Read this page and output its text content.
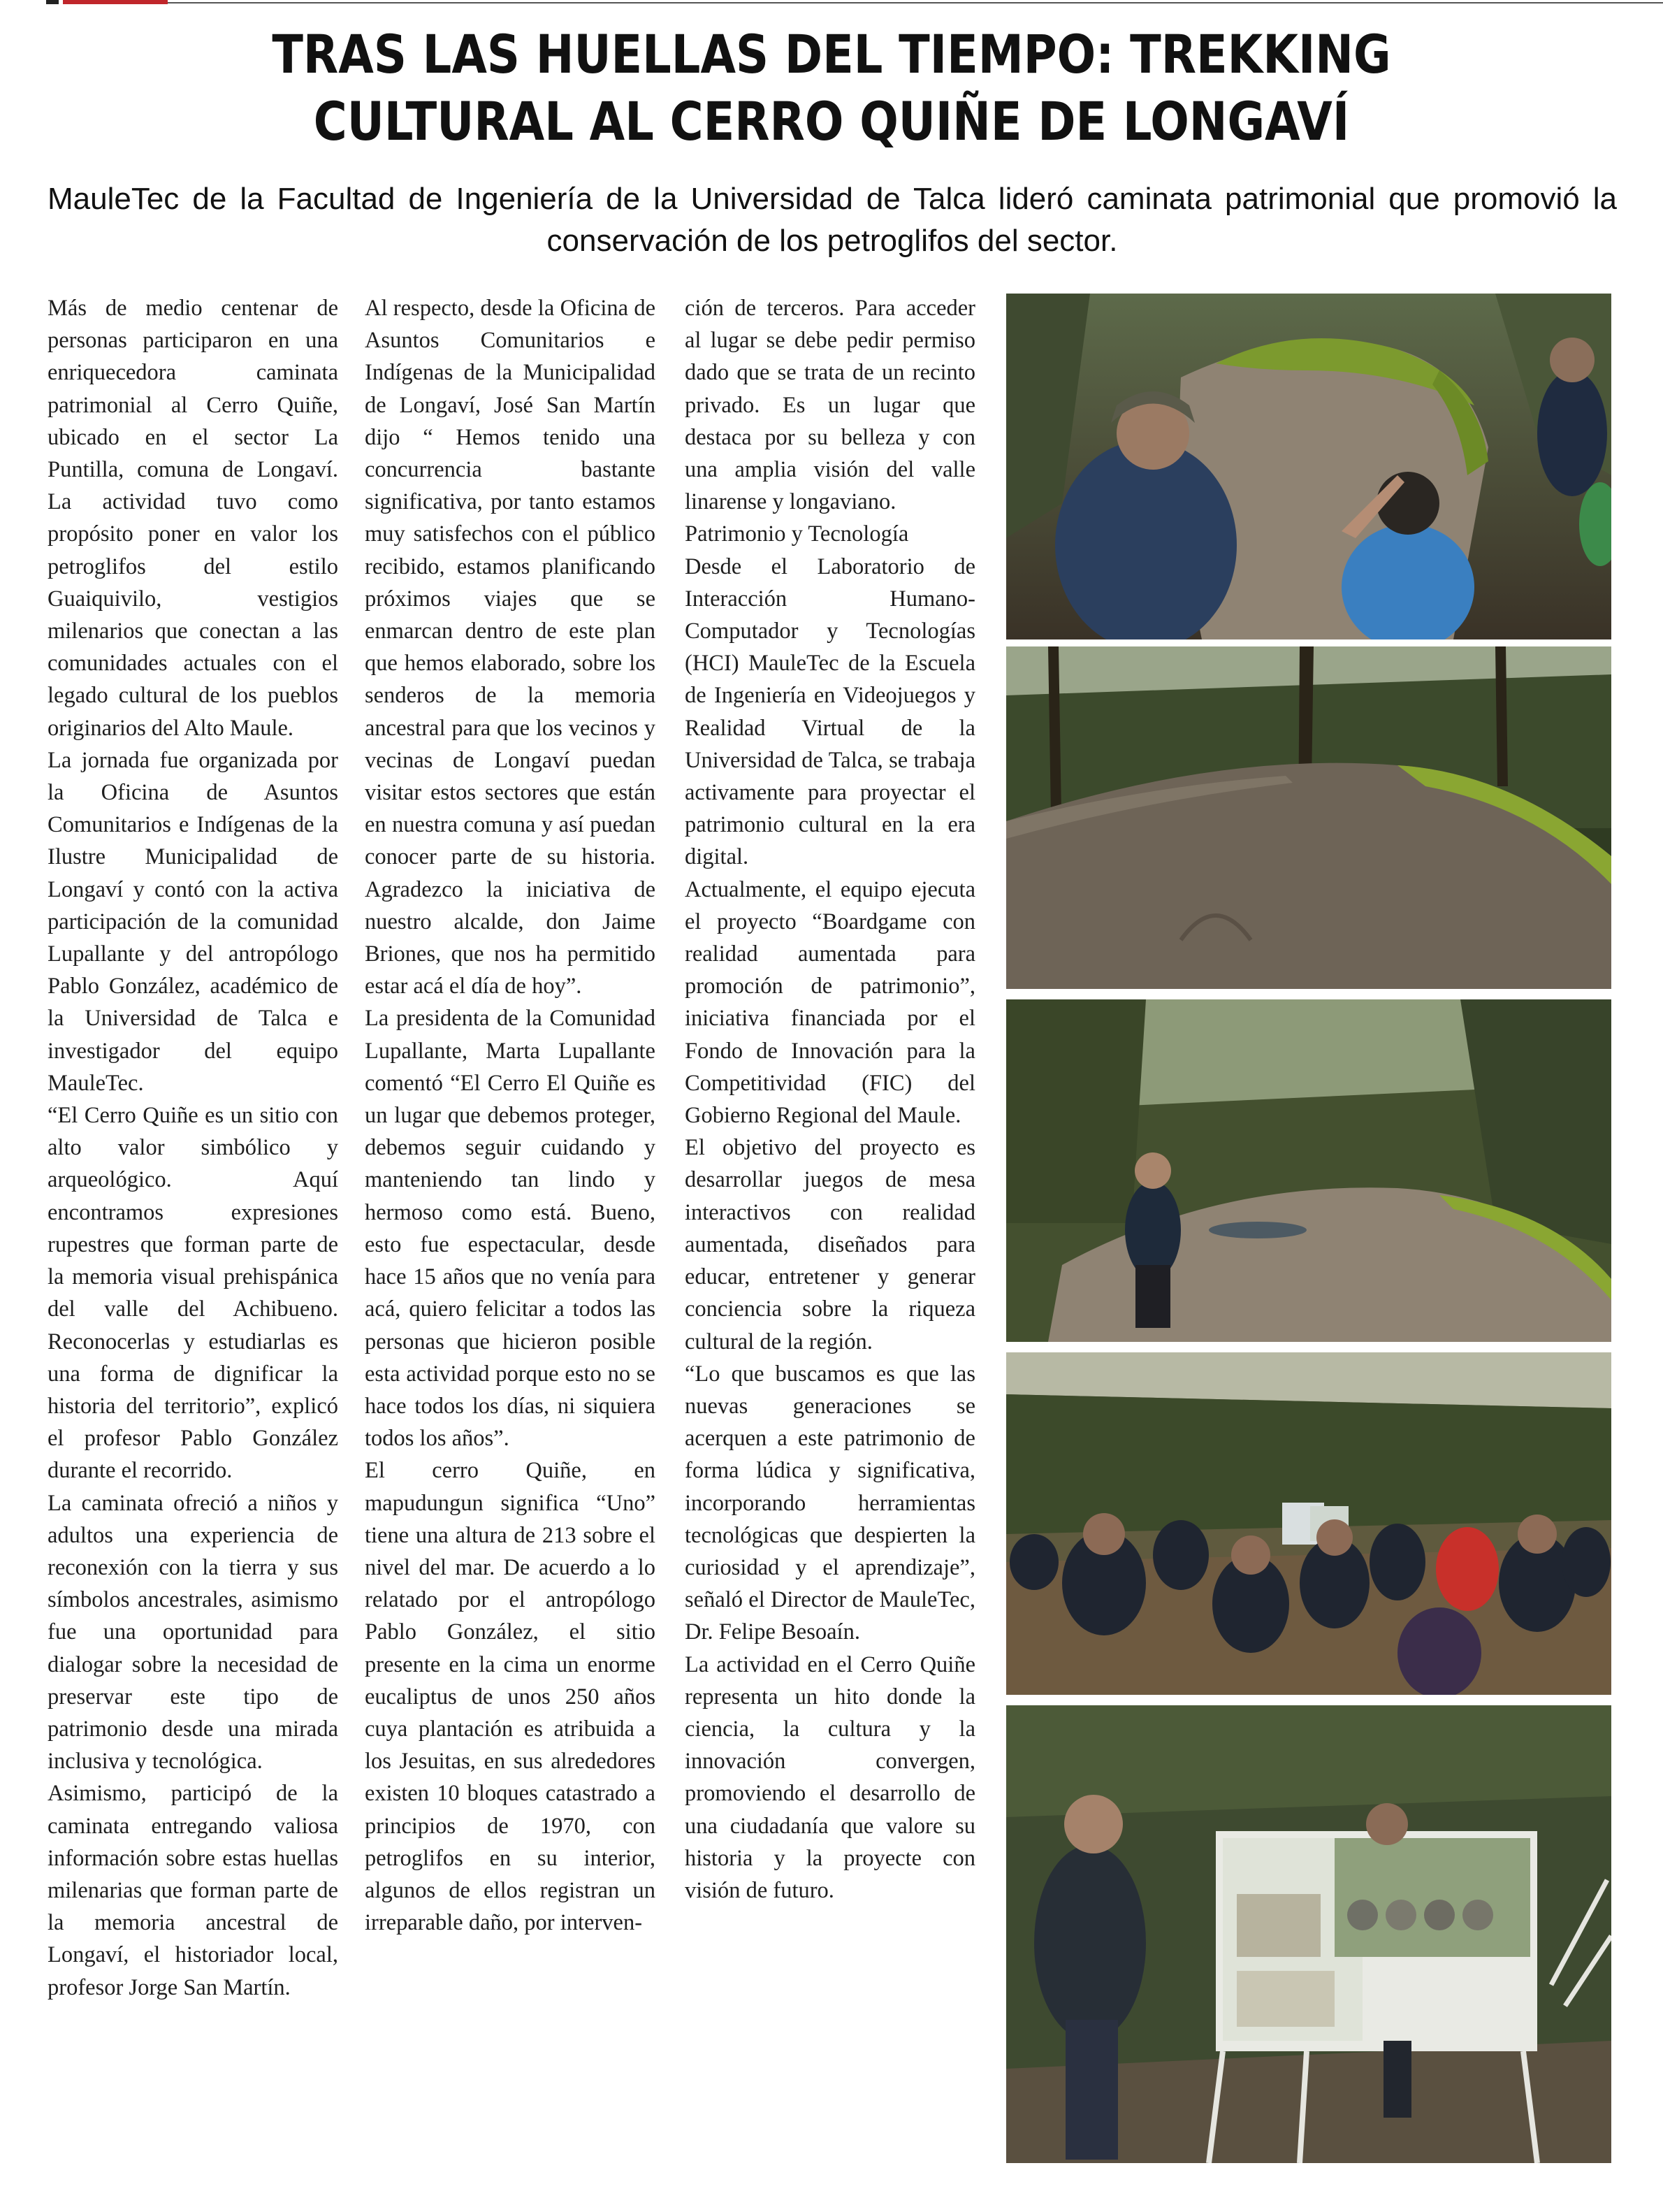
TRAS LAS HUELLAS DEL TIEMPO: TREKKING CULTURAL AL CERRO QUIÑE DE LONGAVÍ

MauleTec de la Facultad de Ingeniería de la Universidad de Talca lideró caminata patrimonial que promovió la conservación de los petroglifos del sector.

Más de medio centenar de personas participaron en una enriquecedora caminata patrimonial al Cerro Quiñe, ubicado en el sector La Puntilla, comuna de Longaví. La actividad tuvo como propósito poner en valor los petroglifos del estilo Guaiquivilo, vestigios milenarios que conectan a las comunidades actuales con el legado cultural de los pueblos originarios del Alto Maule.

La jornada fue organizada por la Oficina de Asuntos Comunitarios e Indígenas de la Ilustre Municipalidad de Longaví y contó con la activa participación de la comunidad Lupallante y del antropólogo Pablo González, académico de la Universidad de Talca e investigador del equipo MauleTec.

“El Cerro Quiñe es un sitio con alto valor simbólico y arqueológico. Aquí encontramos expresiones rupestres que forman parte de la memoria visual prehispánica del valle del Achibueno. Reconocerlas y estudiarlas es una forma de dignificar la historia del territorio”, explicó el profesor Pablo González durante el recorrido.

La caminata ofreció a niños y adultos una experiencia de reconexión con la tierra y sus símbolos ancestrales, asimismo fue una oportunidad para dialogar sobre la necesidad de preservar este tipo de patrimonio desde una mirada inclusiva y tecnológica.

Asimismo, participó de la caminata entregando valiosa información sobre estas huellas milenarias que forman parte de la memoria ancestral de Longaví, el historiador local, profesor Jorge San Martín.

Al respecto, desde la Oficina de Asuntos Comunitarios e Indígenas de la Municipalidad de Longaví, José San Martín dijo “ Hemos tenido una concurrencia bastante significativa, por tanto estamos muy satisfechos con el público recibido, estamos planificando próximos viajes que se enmarcan dentro de este plan que hemos elaborado, sobre los senderos de la memoria ancestral para que los vecinos y vecinas de Longaví puedan visitar estos sectores que están en nuestra comuna y así puedan conocer parte de su historia. Agradezco la iniciativa de nuestro alcalde, don Jaime Briones, que nos ha permitido estar acá el día de hoy”.

La presidenta de la Comunidad Lupallante, Marta Lupallante comentó “El Cerro El Quiñe es un lugar que debemos proteger, debemos seguir cuidando y manteniendo tan lindo y hermoso como está. Bueno, esto fue espectacular, desde hace 15 años que no venía para acá, quiero felicitar a todos las personas que hicieron posible esta actividad porque esto no se hace todos los días, ni siquiera todos los años”.

El cerro Quiñe, en mapudungun significa “Uno” tiene una altura de 213 sobre el nivel del mar. De acuerdo a lo relatado por el antropólogo Pablo González, el sitio presente en la cima un enorme eucaliptus de unos 250 años cuya plantación es atribuida a los Jesuitas, en sus alrededores existen 10 bloques catastrado a principios de 1970, con petroglifos en su interior, algunos de ellos registran un irreparable daño, por interven-

ción de terceros. Para acceder al lugar se debe pedir permiso dado que se trata de un recinto privado. Es un lugar que destaca por su belleza y con una amplia visión del valle linarense y longaviano.

Patrimonio y Tecnología

Desde el Laboratorio de Interacción Humano-Computador y Tecnologías (HCI) MauleTec de la Escuela de Ingeniería en Videojuegos y Realidad Virtual de la Universidad de Talca, se trabaja activamente para proyectar el patrimonio cultural en la era digital.

Actualmente, el equipo ejecuta el proyecto “Boardgame con realidad aumentada para promoción de patrimonio”, iniciativa financiada por el Fondo de Innovación para la Competitividad (FIC) del Gobierno Regional del Maule.

El objetivo del proyecto es desarrollar juegos de mesa interactivos con realidad aumentada, diseñados para educar, entretener y generar conciencia sobre la riqueza cultural de la región.

“Lo que buscamos es que las nuevas generaciones se acerquen a este patrimonio de forma lúdica y significativa, incorporando herramientas tecnológicas que despierten la curiosidad y el aprendizaje”, señaló el Director de MauleTec, Dr. Felipe Besoaín.

La actividad en el Cerro Quiñe representa un hito donde la ciencia, la cultura y la innovación convergen, promoviendo el desarrollo de una ciudadanía que valore su historia y la proyecte con visión de futuro.
